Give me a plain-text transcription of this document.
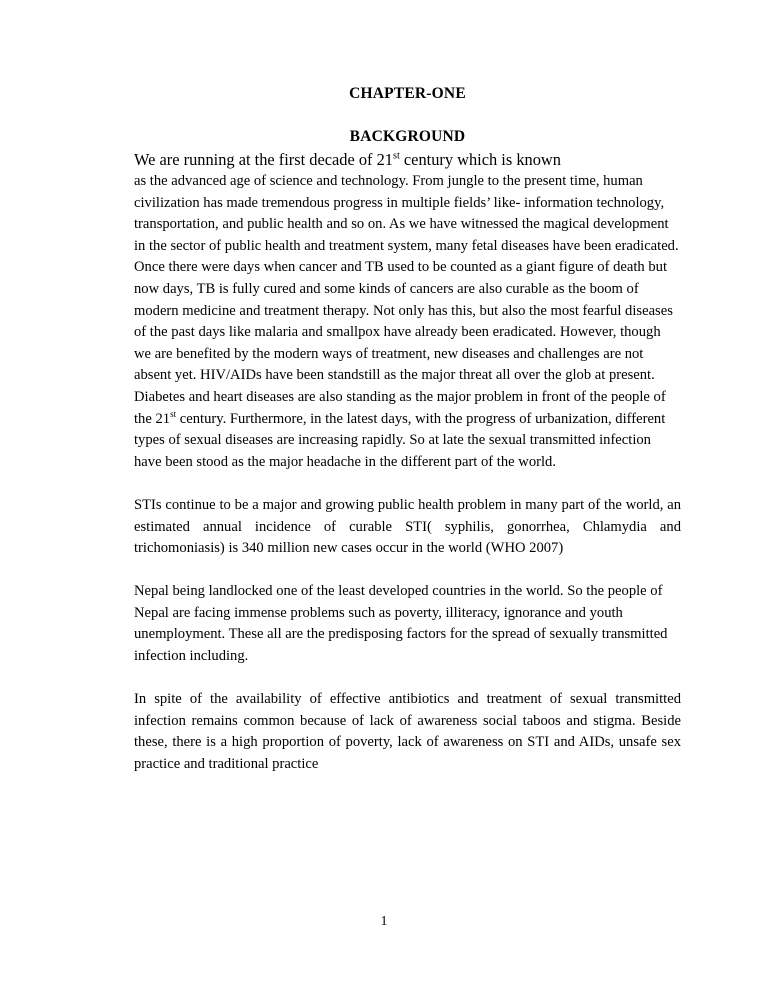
CHAPTER-ONE
BACKGROUND

We are running at the first decade of 21st century which is known
as the advanced age of science and technology. From jungle to the present time, human civilization has made tremendous progress in multiple fields’ like- information technology, transportation, and public health and so on. As we have witnessed the magical development in the sector of public health and treatment system, many fetal diseases have been eradicated. Once there were days when cancer and TB used to be counted as a giant figure of death but now days, TB is fully cured and some kinds of cancers are also curable as the boom of modern medicine and treatment therapy. Not only has this, but also the most fearful diseases of the past days like malaria and smallpox have already been eradicated. However, though we are benefited by the modern ways of treatment, new diseases and challenges are not absent yet. HIV/AIDs have been standstill as the major threat all over the glob at present. Diabetes and heart diseases are also standing as the major problem in front of the people of the 21st century. Furthermore, in the latest days, with the progress of urbanization, different types of sexual diseases are increasing rapidly. So at late the sexual transmitted infection have been stood as the major headache in the different part of the world.

STIs continue to be a major and growing public health problem in many part of the world, an estimated annual incidence of curable STI( syphilis, gonorrhea, Chlamydia and trichomoniasis) is 340 million new cases occur in the world (WHO 2007)

Nepal being landlocked one of the least developed countries in the world. So the people of Nepal are facing immense problems such as poverty, illiteracy, ignorance and youth unemployment. These all are the predisposing factors for the spread of sexually transmitted infection including.

In spite of the availability of effective antibiotics and treatment of sexual transmitted infection remains common because of lack of awareness social taboos and stigma. Beside these, there is a high proportion of poverty, lack of awareness on STI and AIDs, unsafe sex practice and traditional practice

1
